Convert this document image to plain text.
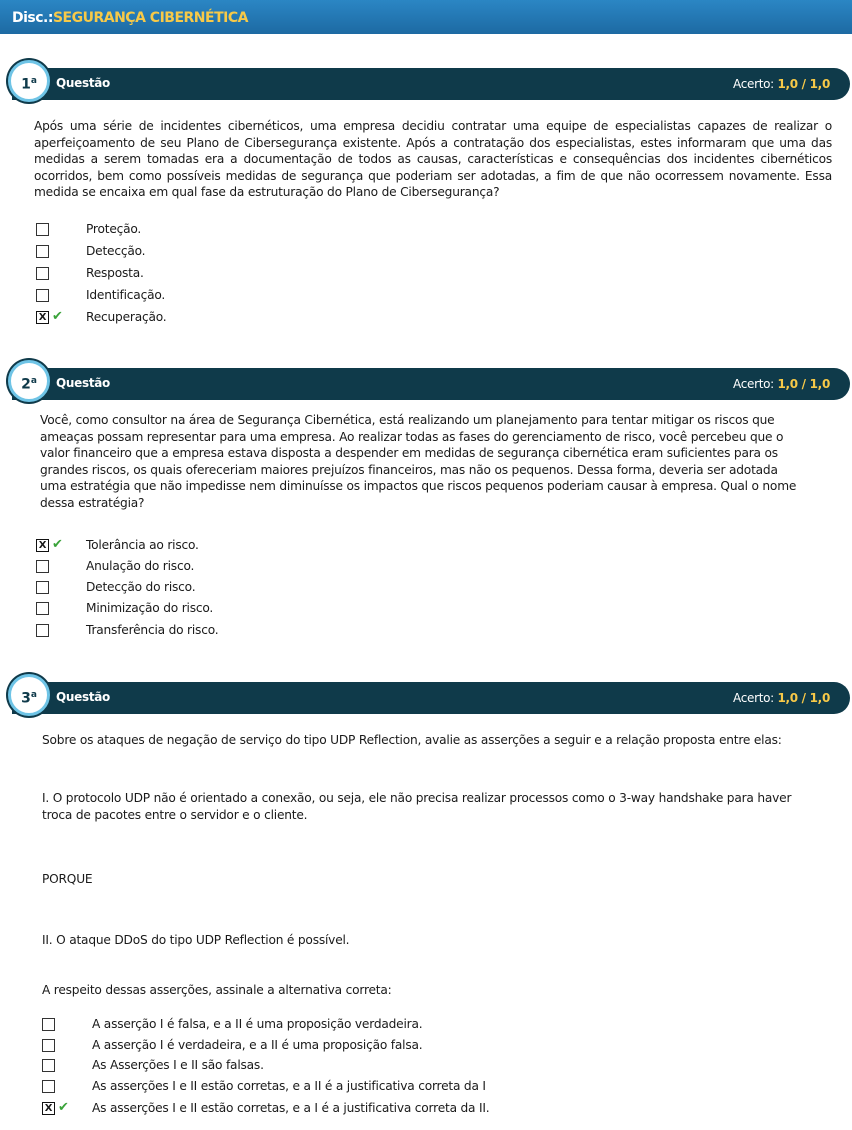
Disc.:SEGURANÇA CIBERNÉTICA
1$^a$	Questão	Acerto: 1,0 / 1,0
Após uma série de incidentes cibernéticos, uma empresa decidiu contratar uma equipe de especialistas capazes de realizar o aperfeiçoamento de seu Plano de Cibersegurança existente. Após a contratação dos especialistas, estes informaram que uma das medidas a serem tomadas era a documentação de todos as causas, características e consequências dos incidentes cibernéticos ocorridos, bem como possíveis medidas de segurança que poderiam ser adotadas, a fim de que não ocorressem novamente. Essa medida se encaixa em qual fase da estruturação do Plano de Cibersegurança?
Proteção.
Detecção.
Resposta.
Identificação.
X ✔ Recuperação.
2$^a$	Questão	Acerto: 1,0 / 1,0
Você, como consultor na área de Segurança Cibernética, está realizando um planejamento para tentar mitigar os riscos que ameaças possam representar para uma empresa. Ao realizar todas as fases do gerenciamento de risco, você percebeu que o valor financeiro que a empresa estava disposta a despender em medidas de segurança cibernética eram suficientes para os grandes riscos, os quais ofereceriam maiores prejuízos financeiros, mas não os pequenos. Dessa forma, deveria ser adotada uma estratégia que não impedisse nem diminuísse os impactos que riscos pequenos poderiam causar à empresa. Qual o nome dessa estratégia?
X ✔ Tolerância ao risco.
Anulação do risco.
Detecção do risco.
Minimização do risco.
Transferência do risco.
3$^a$	Questão	Acerto: 1,0 / 1,0
Sobre os ataques de negação de serviço do tipo UDP Reflection, avalie as asserções a seguir e a relação proposta entre elas:
I. O protocolo UDP não é orientado a conexão, ou seja, ele não precisa realizar processos como o 3-way handshake para haver
troca de pacotes entre o servidor e o cliente.
PORQUE
II. O ataque DDoS do tipo UDP Reflection é possível.
A respeito dessas asserções, assinale a alternativa correta:
A asserção I é falsa, e a II é uma proposição verdadeira.
A asserção I é verdadeira, e a II é uma proposição falsa.
As Asserções I e II são falsas.
As asserções I e II estão corretas, e a II é a justificativa correta da I
X ✔ As asserções I e II estão corretas, e a I é a justificativa correta da II.
